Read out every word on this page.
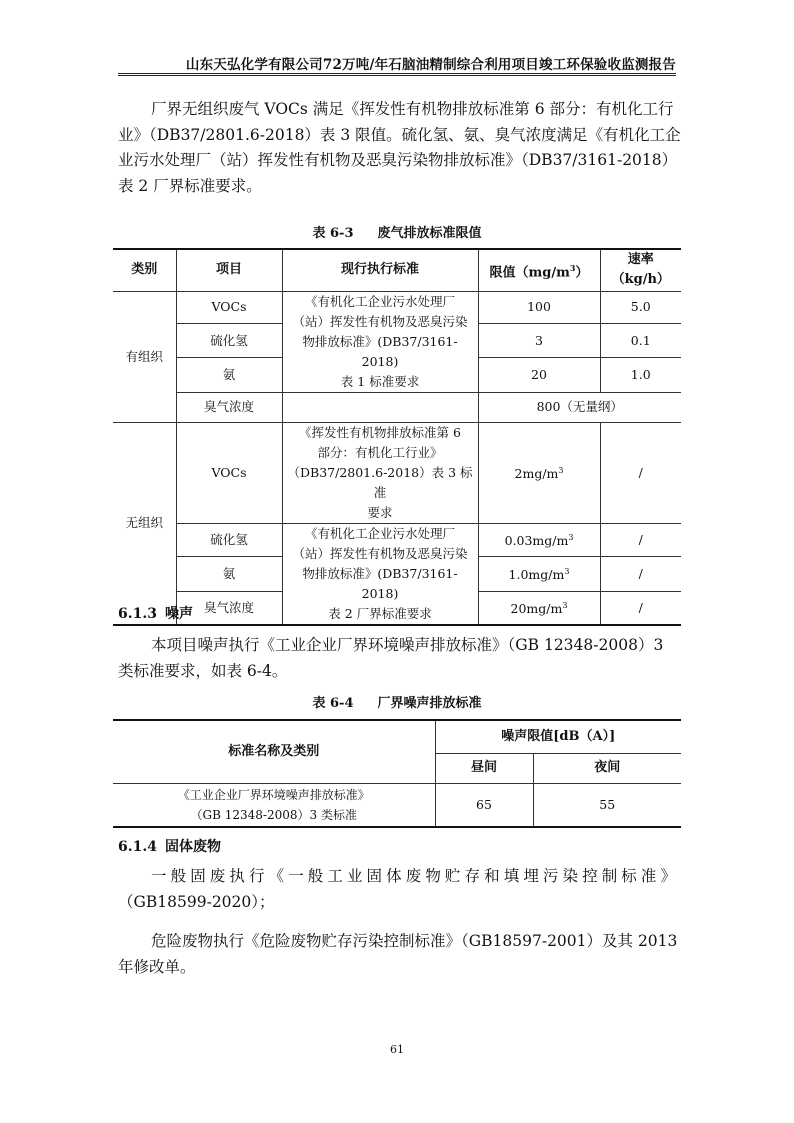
山东天弘化学有限公司72万吨/年石脑油精制综合利用项目竣工环保验收监测报告
厂界无组织废气 VOCs 满足《挥发性有机物排放标准第 6 部分：有机化工行
业》（DB37/2801.6-2018）表 3 限值。硫化氢、氨、臭气浓度满足《有机化工企
业污水处理厂（站）挥发性有机物及恶臭污染物排放标准》（DB37/3161-2018）
表 2 厂界标准要求。
表 6-3 废气排放标准限值
类别	项目	现行执行标准	限值$(mg/m^3)$	速率
（kg/h）
有组织	VOCs	《有机化工企业污水处理厂
（站）挥发性有机物及恶臭污染
物排放标准》(DB37/3161-2018)
表 1 标准要求	100	5.0
	硫化氢		3	0.1
	氨		20	1.0
	臭气浓度		800（无量纲）	
无组织	VOCs	《挥发性有机物排放标准第 6
部分：有机化工行业》
（DB37/2801.6-2018）表 3 标准
要求	$2mg/m^3$	/
	硫化氢	《有机化工企业污水处理厂
（站）挥发性有机物及恶臭污染
物排放标准》(DB37/3161-2018)
表 2 厂界标准要求	$0.03mg/m^3$	/
	氨		$1.0mg/m^3$	/
	臭气浓度		$20mg/m^3$	/
6.1.3 噪声
本项目噪声执行《工业企业厂界环境噪声排放标准》（GB 12348-2008）3
类标准要求，如表 6-4。
表 6-4 厂界噪声排放标准
标准名称及类别	噪声限值[dB（A）]	
	昼间	夜间
《工业企业厂界环境噪声排放标准》
（GB 12348-2008）3 类标准	65	55
6.1.4 固体废物
一般固废执行《一般工业固体废物贮存和填埋污染控制标准》
（GB18599-2020）；
危险废物执行《危险废物贮存污染控制标准》（GB18597-2001）及其 2013
年修改单。
61
